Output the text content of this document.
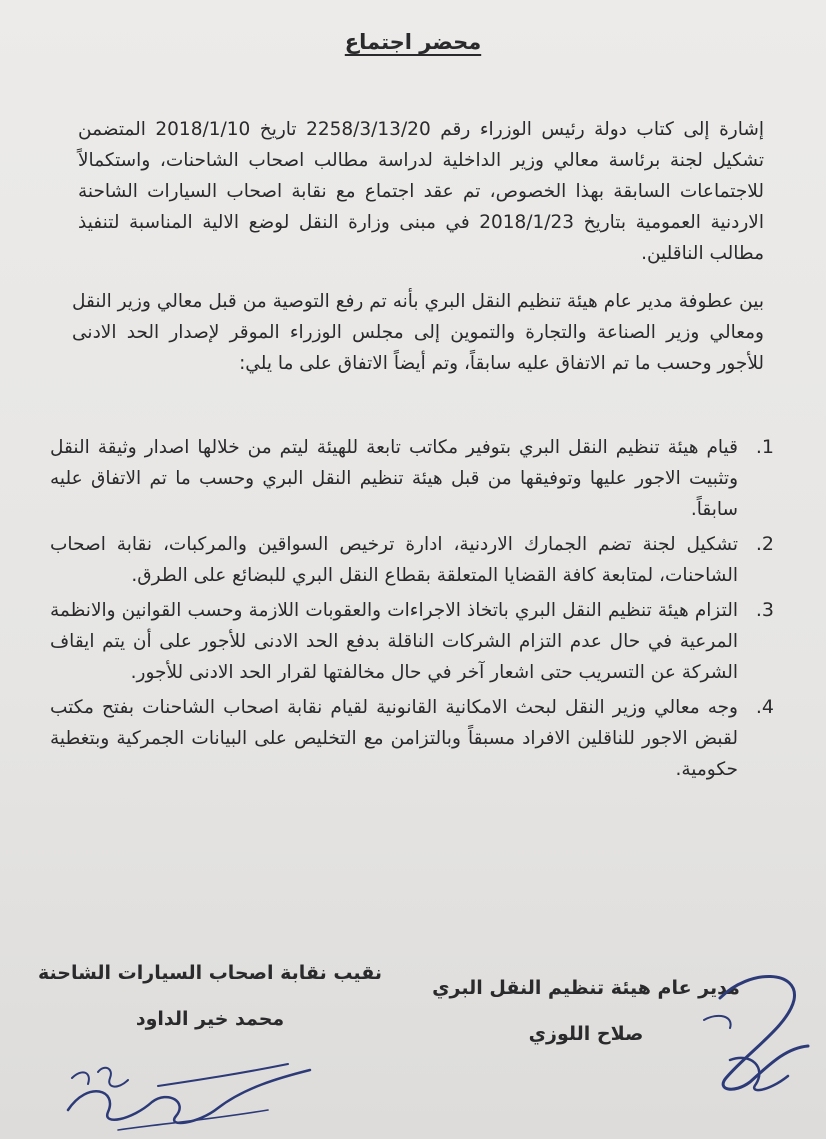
محضر اجتماع

إشارة إلى كتاب دولة رئيس الوزراء رقم 2258/3/13/20 تاريخ 2018/1/10 المتضمن تشكيل لجنة برئاسة معالي وزير الداخلية لدراسة مطالب اصحاب الشاحنات، واستكمالاً للاجتماعات السابقة بهذا الخصوص، تم عقد اجتماع مع نقابة اصحاب السيارات الشاحنة الاردنية العمومية بتاريخ 2018/1/23 في مبنى وزارة النقل لوضع الالية المناسبة لتنفيذ مطالب الناقلين.

بين عطوفة مدير عام هيئة تنظيم النقل البري بأنه تم رفع التوصية من قبل معالي وزير النقل ومعالي وزير الصناعة والتجارة والتموين إلى مجلس الوزراء الموقر لإصدار الحد الادنى للأجور وحسب ما تم الاتفاق عليه سابقاً، وتم أيضاً الاتفاق على ما يلي:

1.
قيام هيئة تنظيم النقل البري بتوفير مكاتب تابعة للهيئة ليتم من خلالها اصدار وثيقة النقل وتثبيت الاجور عليها وتوفيقها من قبل هيئة تنظيم النقل البري وحسب ما تم الاتفاق عليه سابقاً.
2.
تشكيل لجنة تضم الجمارك الاردنية، ادارة ترخيص السواقين والمركبات، نقابة اصحاب الشاحنات، لمتابعة كافة القضايا المتعلقة بقطاع النقل البري للبضائع على الطرق.
3.
التزام هيئة تنظيم النقل البري باتخاذ الاجراءات والعقوبات اللازمة وحسب القوانين والانظمة المرعية في حال عدم التزام الشركات الناقلة بدفع الحد الادنى للأجور على أن يتم ايقاف الشركة عن التسريب حتى اشعار آخر في حال مخالفتها لقرار الحد الادنى للأجور.
4.
وجه معالي وزير النقل لبحث الامكانية القانونية لقيام نقابة اصحاب الشاحنات بفتح مكتب لقبض الاجور للناقلين الافراد مسبقاً وبالتزامن مع التخليص على البيانات الجمركية وبتغطية حكومية.
مدير عام هيئة تنظيم النقل البري
صلاح اللوزي
نقيب نقابة اصحاب السيارات الشاحنة
محمد خير الداود
